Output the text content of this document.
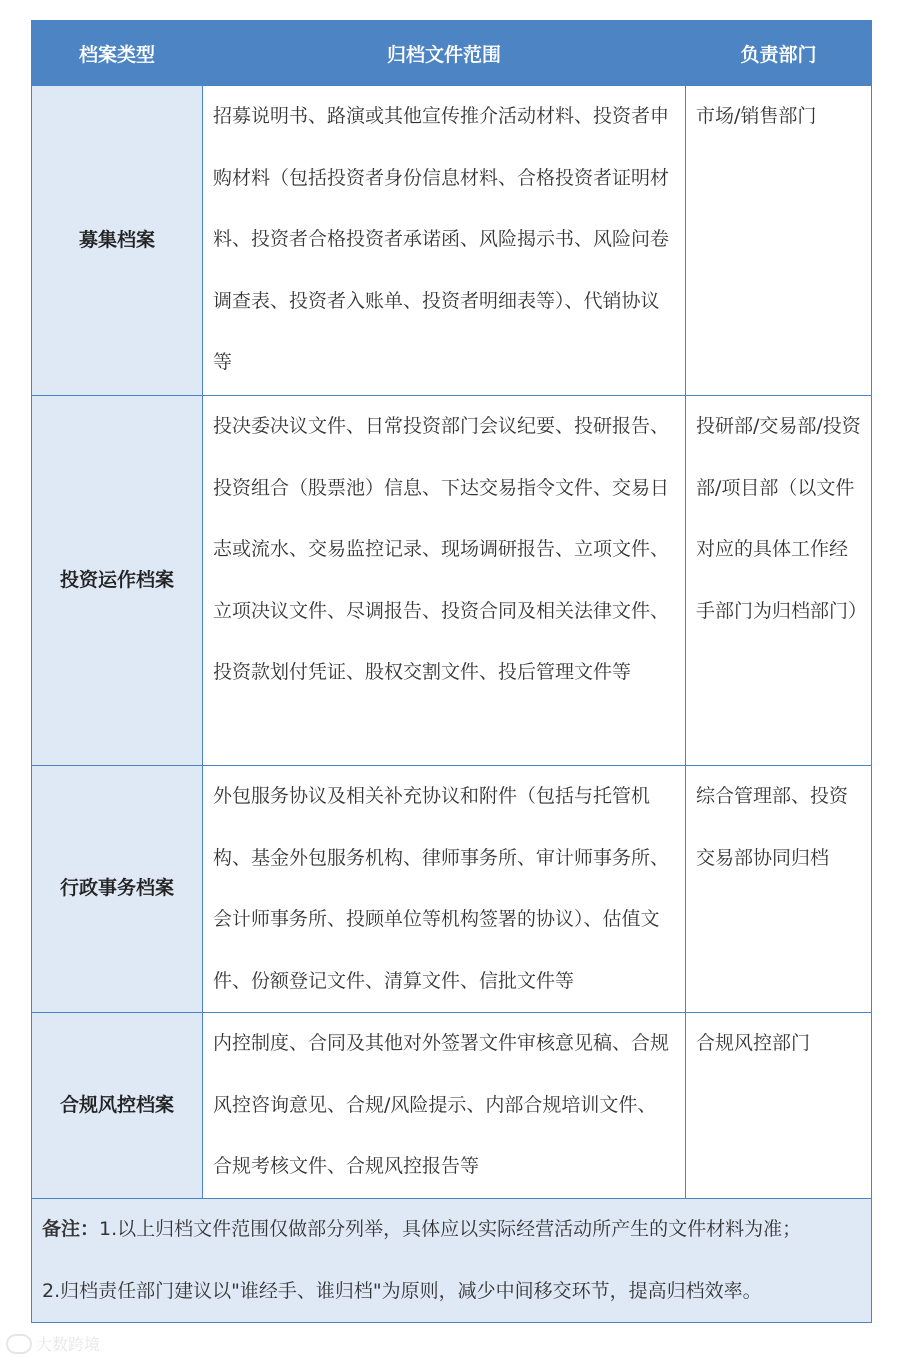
档案类型	归档文件范围	负责部门
募集档案	招募说明书、路演或其他宣传推介活动材料、投资者申购材料（包括投资者身份信息材料、合格投资者证明材料、投资者合格投资者承诺函、风险揭示书、风险问卷调查表、投资者入账单、投资者明细表等）、代销协议等	市场/销售部门
投资运作档案	投决委决议文件、日常投资部门会议纪要、投研报告、投资组合（股票池）信息、下达交易指令文件、交易日志或流水、交易监控记录、现场调研报告、立项文件、立项决议文件、尽调报告、投资合同及相关法律文件、投资款划付凭证、股权交割文件、投后管理文件等	投研部/交易部/投资部/项目部（以文件对应的具体工作经手部门为归档部门）
行政事务档案	外包服务协议及相关补充协议和附件（包括与托管机构、基金外包服务机构、律师事务所、审计师事务所、会计师事务所、投顾单位等机构签署的协议）、估值文件、份额登记文件、清算文件、信批文件等	综合管理部、投资交易部协同归档
合规风控档案	内控制度、合同及其他对外签署文件审核意见稿、合规风控咨询意见、合规/风险提示、内部合规培训文件、合规考核文件、合规风控报告等	合规风控部门

备注：1.以上归档文件范围仅做部分列举，具体应以实际经营活动所产生的文件材料为准；
2.归档责任部门建议以"谁经手、谁归档"为原则，减少中间移交环节，提高归档效率。		
大数跨境
